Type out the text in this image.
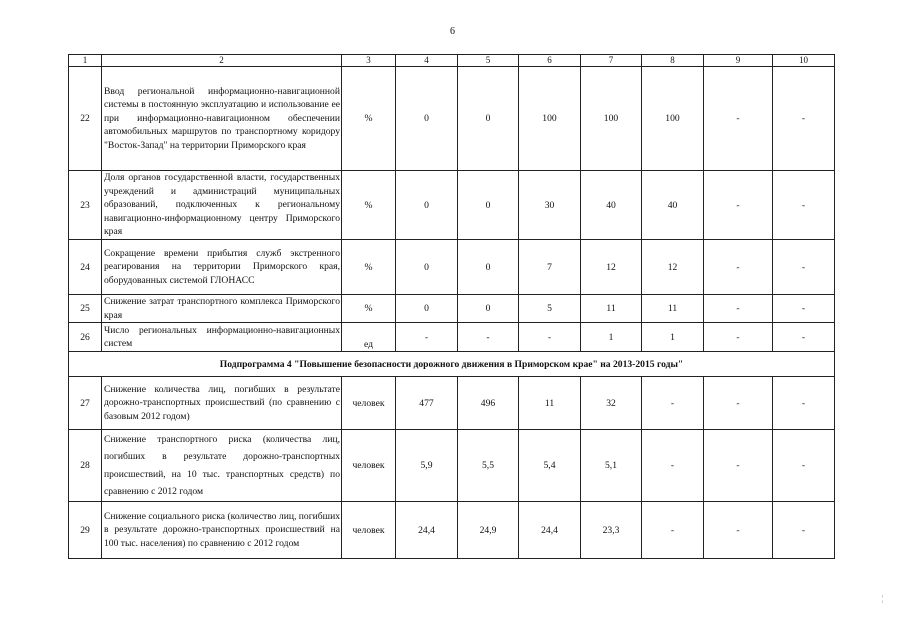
6
1	2	3	4	5	6	7	8	9	10
22	Ввод региональной информационно-навигационной системы в постоянную эксплуатацию и использование ее при информационно-навигационном обеспечении автомобильных маршрутов по транспортному коридору "Восток-Запад" на территории Приморского края	%	0	0	100	100	100	-	-
23	Доля органов государственной власти, государственных учреждений и администраций муниципальных образований, подключенных к региональному навигационно-информационному центру Приморского края	%	0	0	30	40	40	-	-
24	Сокращение времени прибытия служб экстренного реагирования на территории Приморского края, оборудованных системой ГЛОНАСС	%	0	0	7	12	12	-	-
25	Снижение затрат транспортного комплекса Приморского края	%	0	0	5	11	11	-	-
26	Число региональных информационно-навигационных систем	ед	-	-	-	1	1	-	-
Подпрограмма 4 "Повышение безопасности дорожного движения в Приморском крае" на 2013-2015 годы"									
27	Снижение количества лиц, погибших в результате дорожно-транспортных происшествий (по сравнению с базовым 2012 годом)	человек	477	496	11	32	-	-	-
28	Снижение транспортного риска (количества лиц, погибших в результате дорожно-транспортных происшествий, на 10 тыс. транспортных средств) по сравнению с 2012 годом	человек	5,9	5,5	5,4	5,1	-	-	-
29	Снижение социального риска (количество лиц, погибших в результате дорожно-транспортных происшествий на 100 тыс. населения) по сравнению с 2012 годом	человек	24,4	24,9	24,4	23,3	-	-	-
¦
